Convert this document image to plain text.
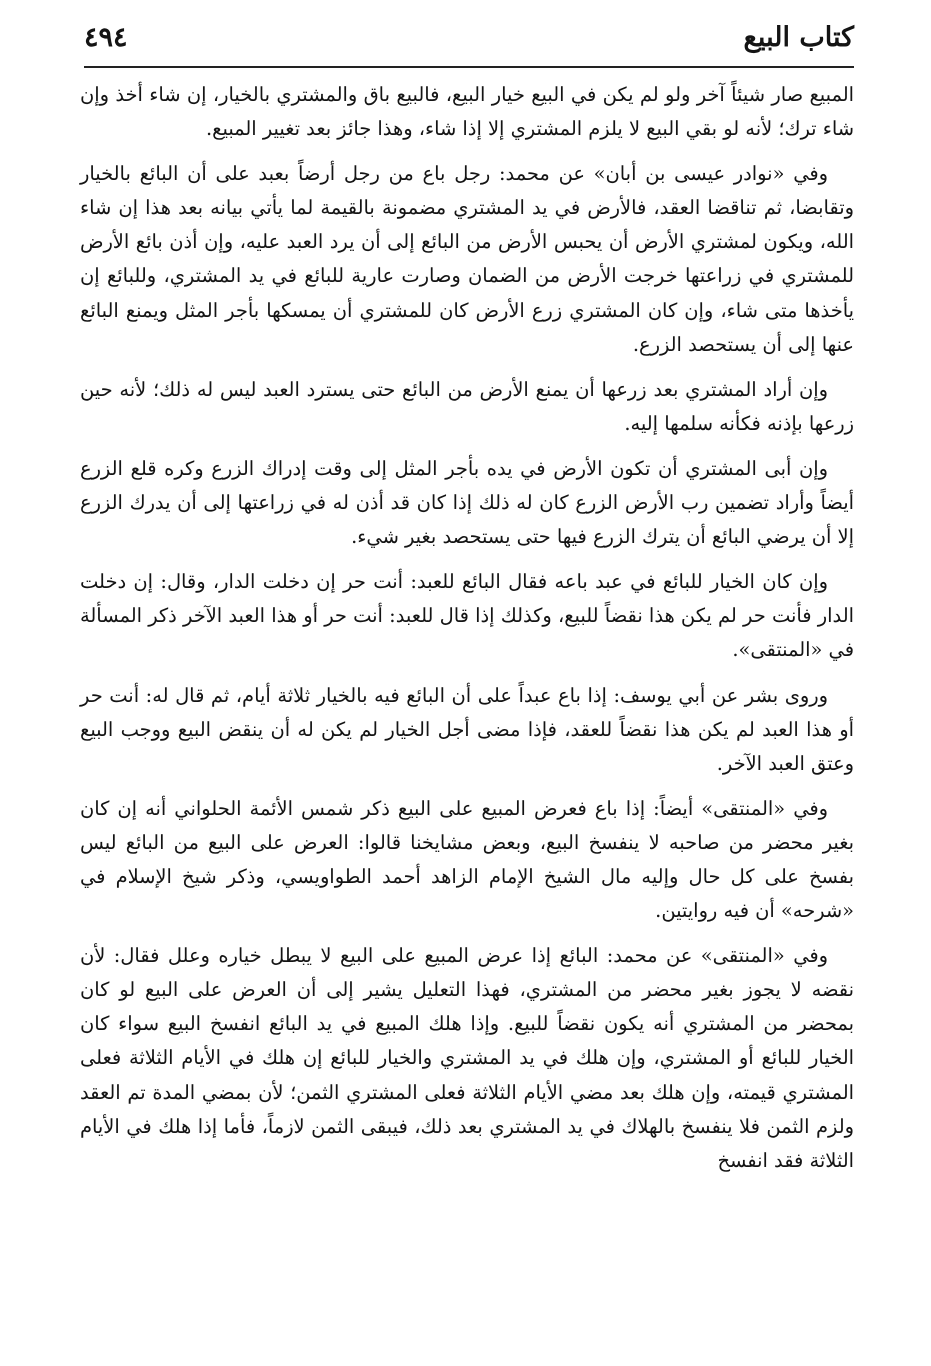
كتاب البيع
٤٩٤

المبيع صار شيئاً آخر ولو لم يكن في البيع خيار البيع، فالبيع باق والمشتري بالخيار، إن شاء أخذ وإن شاء ترك؛ لأنه لو بقي البيع لا يلزم المشتري إلا إذا شاء، وهذا جائز بعد تغيير المبيع.

وفي «نوادر عيسى بن أبان» عن محمد: رجل باع من رجل أرضاً بعبد على أن البائع بالخيار وتقابضا، ثم تناقضا العقد، فالأرض في يد المشتري مضمونة بالقيمة لما يأتي بيانه بعد هذا إن شاء الله، ويكون لمشتري الأرض أن يحبس الأرض من البائع إلى أن يرد العبد عليه، وإن أذن بائع الأرض للمشتري في زراعتها خرجت الأرض من الضمان وصارت عارية للبائع في يد المشتري، وللبائع إن يأخذها متى شاء، وإن كان المشتري زرع الأرض كان للمشتري أن يمسكها بأجر المثل ويمنع البائع عنها إلى أن يستحصد الزرع.

وإن أراد المشتري بعد زرعها أن يمنع الأرض من البائع حتى يسترد العبد ليس له ذلك؛ لأنه حين زرعها بإذنه فكأنه سلمها إليه.

وإن أبى المشتري أن تكون الأرض في يده بأجر المثل إلى وقت إدراك الزرع وكره قلع الزرع أيضاً وأراد تضمين رب الأرض الزرع كان له ذلك إذا كان قد أذن له في زراعتها إلى أن يدرك الزرع إلا أن يرضي البائع أن يترك الزرع فيها حتى يستحصد بغير شيء.

وإن كان الخيار للبائع في عبد باعه فقال البائع للعبد: أنت حر إن دخلت الدار، وقال: إن دخلت الدار فأنت حر لم يكن هذا نقضاً للبيع، وكذلك إذا قال للعبد: أنت حر أو هذا العبد الآخر ذكر المسألة في «المنتقى».

وروى بشر عن أبي يوسف: إذا باع عبداً على أن البائع فيه بالخيار ثلاثة أيام، ثم قال له: أنت حر أو هذا العبد لم يكن هذا نقضاً للعقد، فإذا مضى أجل الخيار لم يكن له أن ينقض البيع ووجب البيع وعتق العبد الآخر.

وفي «المنتقى» أيضاً: إذا باع فعرض المبيع على البيع ذكر شمس الأئمة الحلواني أنه إن كان بغير محضر من صاحبه لا ينفسخ البيع، وبعض مشايخنا قالوا: العرض على البيع من البائع ليس بفسخ على كل حال وإليه مال الشيخ الإمام الزاهد أحمد الطواويسي، وذكر شيخ الإسلام في «شرحه» أن فيه روايتين.

وفي «المنتقى» عن محمد: البائع إذا عرض المبيع على البيع لا يبطل خياره وعلل فقال: لأن نقضه لا يجوز بغير محضر من المشتري، فهذا التعليل يشير إلى أن العرض على البيع لو كان بمحضر من المشتري أنه يكون نقضاً للبيع. وإذا هلك المبيع في يد البائع انفسخ البيع سواء كان الخيار للبائع أو المشتري، وإن هلك في يد المشتري والخيار للبائع إن هلك في الأيام الثلاثة فعلى المشتري قيمته، وإن هلك بعد مضي الأيام الثلاثة فعلى المشتري الثمن؛ لأن بمضي المدة تم العقد ولزم الثمن فلا ينفسخ بالهلاك في يد المشتري بعد ذلك، فيبقى الثمن لازماً، فأما إذا هلك في الأيام الثلاثة فقد انفسخ
